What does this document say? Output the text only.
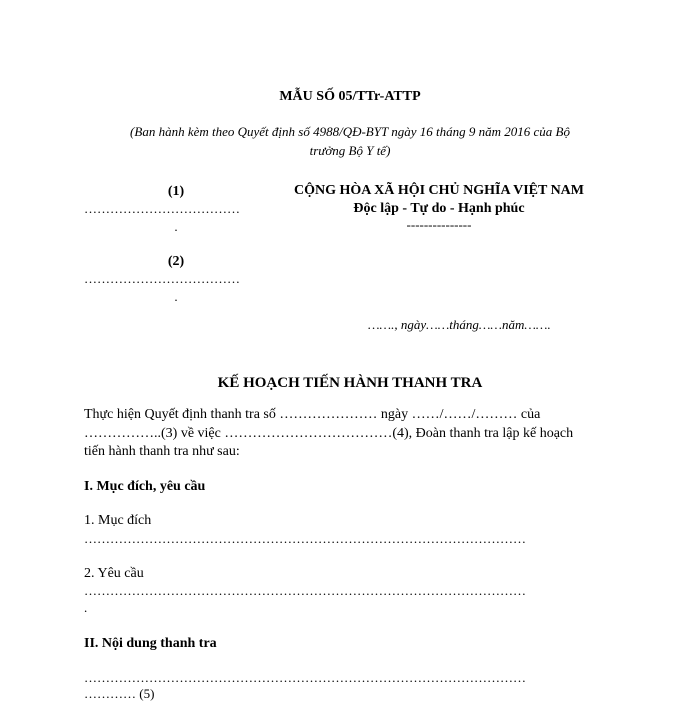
MẪU SỐ 05/TTr-ATTP
(Ban hành kèm theo Quyết định số 4988/QĐ-BYT ngày 16 tháng 9 năm 2016 của Bộ
trưởng Bộ Y tế)
(1)
………………………………
.
(2)
………………………………
.
CỘNG HÒA XÃ HỘI CHỦ NGHĨA VIỆT NAM
Độc lập - Tự do - Hạnh phúc
---------------
……., ngày……tháng……năm…….
KẾ HOẠCH TIẾN HÀNH THANH TRA
Thực hiện Quyết định thanh tra số ………………… ngày ……/……/……… của
……………..(3) về việc ………………………………(4), Đoàn thanh tra lập kế hoạch
tiến hành thanh tra như sau:
I. Mục đích, yêu cầu
1. Mục đích
…………………………………………………………………………………………
2. Yêu cầu
…………………………………………………………………………………………
.
II. Nội dung thanh tra
…………………………………………………………………………………………
………… (5)
